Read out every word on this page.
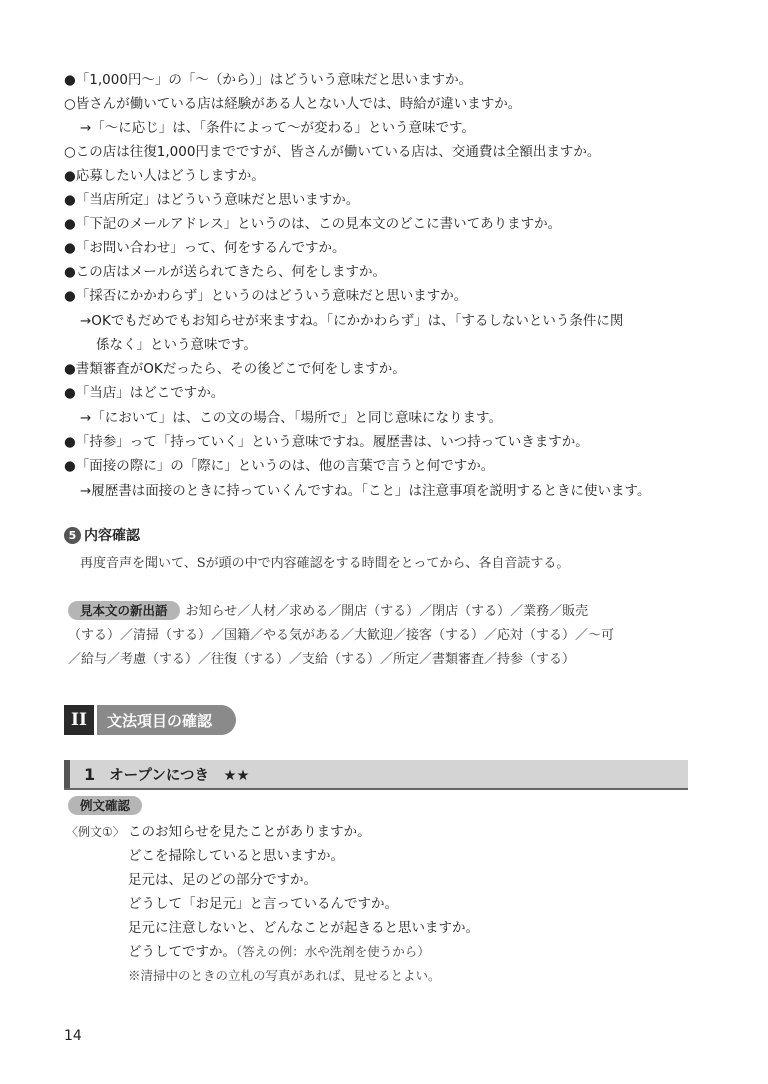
●「1,000円〜」の「〜（から）」はどういう意味だと思いますか。
○皆さんが働いている店は経験がある人とない人では、時給が違いますか。
→「〜に応じ」は、「条件によって〜が変わる」という意味です。
○この店は往復1,000円までですが、皆さんが働いている店は、交通費は全額出ますか。
●応募したい人はどうしますか。
●「当店所定」はどういう意味だと思いますか。
●「下記のメールアドレス」というのは、この見本文のどこに書いてありますか。
●「お問い合わせ」って、何をするんですか。
●この店はメールが送られてきたら、何をしますか。
●「採否にかかわらず」というのはどういう意味だと思いますか。
→OKでもだめでもお知らせが来ますね。「にかかわらず」は、「するしないという条件に関
係なく」という意味です。
●書類審査がOKだったら、その後どこで何をしますか。
●「当店」はどこですか。
→「において」は、この文の場合、「場所で」と同じ意味になります。
●「持参」って「持っていく」という意味ですね。履歴書は、いつ持っていきますか。
●「面接の際に」の「際に」というのは、他の言葉で言うと何ですか。
→履歴書は面接のときに持っていくんですね。「こと」は注意事項を説明するときに使います。
5 内容確認
再度音声を聞いて、Sが頭の中で内容確認をする時間をとってから、各自音読する。
見本文の新出語 お知らせ／人材／求める／開店（する）／閉店（する）／業務／販売
（する）／清掃（する）／国籍／やる気がある／大歓迎／接客（する）／応対（する）／〜可
／給与／考慮（する）／往復（する）／支給（する）／所定／書類審査／持参（する）
II	文法項目の確認
1 オープンにつき　★★
例文確認
〈例文①〉 このお知らせを見たことがありますか。
どこを掃除していると思いますか。
足元は、足のどの部分ですか。
どうして「お足元」と言っているんですか。
足元に注意しないと、どんなことが起きると思いますか。
どうしてですか。（答えの例：水や洗剤を使うから）
※清掃中のときの立札の写真があれば、見せるとよい。
14
